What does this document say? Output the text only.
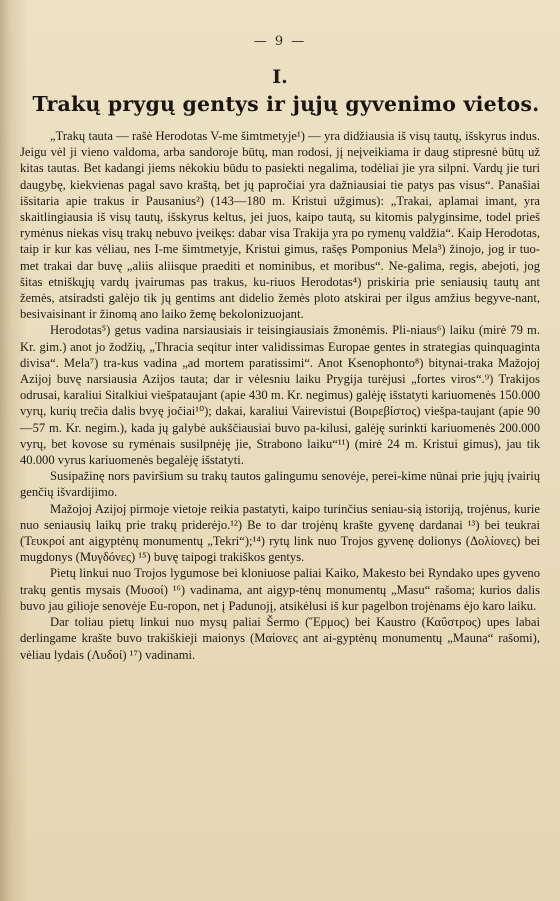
— 9 —
I.
Trakų prygų gentys ir jųjų gyvenimo vietos.

„Trakų tauta — rašė Herodotas V-me šimtmetyje¹) — yra didžiausia iš visų tautų, išskyrus indus. Jeigu vėl ji vieno valdoma, arba sandoroje būtų, man rodosi, jį neįveikiama ir daug stipresnė būtų už kitas tautas. Bet kadangi jiems nėkokiu būdu to pasiekti negalima, todėliai jie yra silpni. Vardų jie turi daugybę, kiekvienas pagal savo kraštą, bet jų papročiai yra dažniausiai tie patys pas visus“. Panašiai išsitaria apie trakus ir Pausanius²) (143—180 m. Kristui užgimus): „Trakai, aplamai imant, yra skaitlingiausia iš visų tautų, išskyrus keltus, jei juos, kaipo tautą, su kitomis palyginsime, todel prieš rymėnus niekas visų trakų nebuvo įveikęs: dabar visa Trakija yra po rymenų valdžia“. Kaip Herodotas, taip ir kur kas vėliau, nes I-me šimtmetyje, Kristui gimus, rašęs Pomponius Mela³) žinojo, jog ir tuo-met trakai dar buvę „aliis aliisque praediti et nominibus, et moribus“. Ne-galima, regis, abejoti, jog šitas etniškųjų vardų įvairumas pas trakus, ku-riuos Herodotas⁴) priskiria prie seniausių tautų ant žemės, atsiradsti galėjo tik jų gentims ant didelio žemės ploto atskirai per ilgus amžius begyve-nant, besivaisinant ir žinomą ano laiko žemę bekolonizuojant.

Herodotas⁵) getus vadina narsiausiais ir teisingiausiais žmonėmis. Pli-niaus⁶) laiku (mirė 79 m. Kr. gim.) anot jo žodžių, „Thracia seqitur inter validissimas Europae gentes in strategias quinquaginta divisa“. Mela⁷) tra-kus vadina „ad mortem paratissimi“. Anot Ksenophonto⁸) bitynai-traka Mažojoj Azijoj buvę narsiausia Azijos tauta; dar ir vėlesniu laiku Prygija turėjusi „fortes viros“.⁹) Trakijos odrusai, karaliui Sitalkiui viešpataujant (apie 430 m. Kr. negimus) galėję išstatyti kariuomenės 150.000 vyrų, kurių trečia dalis bvyę jočiai¹⁰); dakai, karaliui Vairevistui (Βοιρεβίστος) viešpa-taujant (apie 90—57 m. Kr. negim.), kada jų galybė aukščiausiai buvo pa-kilusi, galėję surinkti kariuomenės 200.000 vyrų, bet kovose su rymėnais susilpnėję jie, Strabono laiku“¹¹) (mirė 24 m. Kristui gimus), jau tik 40.000 vyrus kariuomenės begalėję išstatyti.

Susipažinę nors paviršium su trakų tautos galingumu senovėje, perei-kime nūnai prie jųjų įvairių genčių išvardijimo.

Mažojoj Azijoj pirmoje vietoje reikia pastatyti, kaipo turinčius seniau-sią istoriją, trojėnus, kurie nuo seniausių laikų prie trakų priderėjo.¹²) Be to dar trojėnų krašte gyvenę dardanai ¹³) bei teukrai (Τευκροί ant aigyptėnų monumentų „Tekri“);¹⁴) rytų link nuo Trojos gyvenę dolionys (Δολίονες) bei mugdonys (Μυγδόνες) ¹⁵) buvę taipogi trakiškos gentys.

Pietų linkui nuo Trojos lygumose bei kloniuose paliai Kaiko, Makesto bei Ryndako upes gyveno trakų gentis mysais (Μυσοί) ¹⁶) vadinama, ant aigyp-tėnų monumentų „Masu“ rašoma; kurios dalis buvo jau gilioje senovėje Eu-ropon, net į Padunojį, atsikėlusi iš kur pagelbon trojėnams ėjo karo laiku.

Dar toliau pietų linkui nuo mysų paliai Šermo (Ἕρμος) bei Kaustro (Καΰστρος) upes labai derlingame krašte buvo trakiškieji maionys (Μαίονες ant ai-gyptėnų monumentų „Mauna“ rašomi), vėliau lydais (Λυδοί) ¹⁷) vadinami.
